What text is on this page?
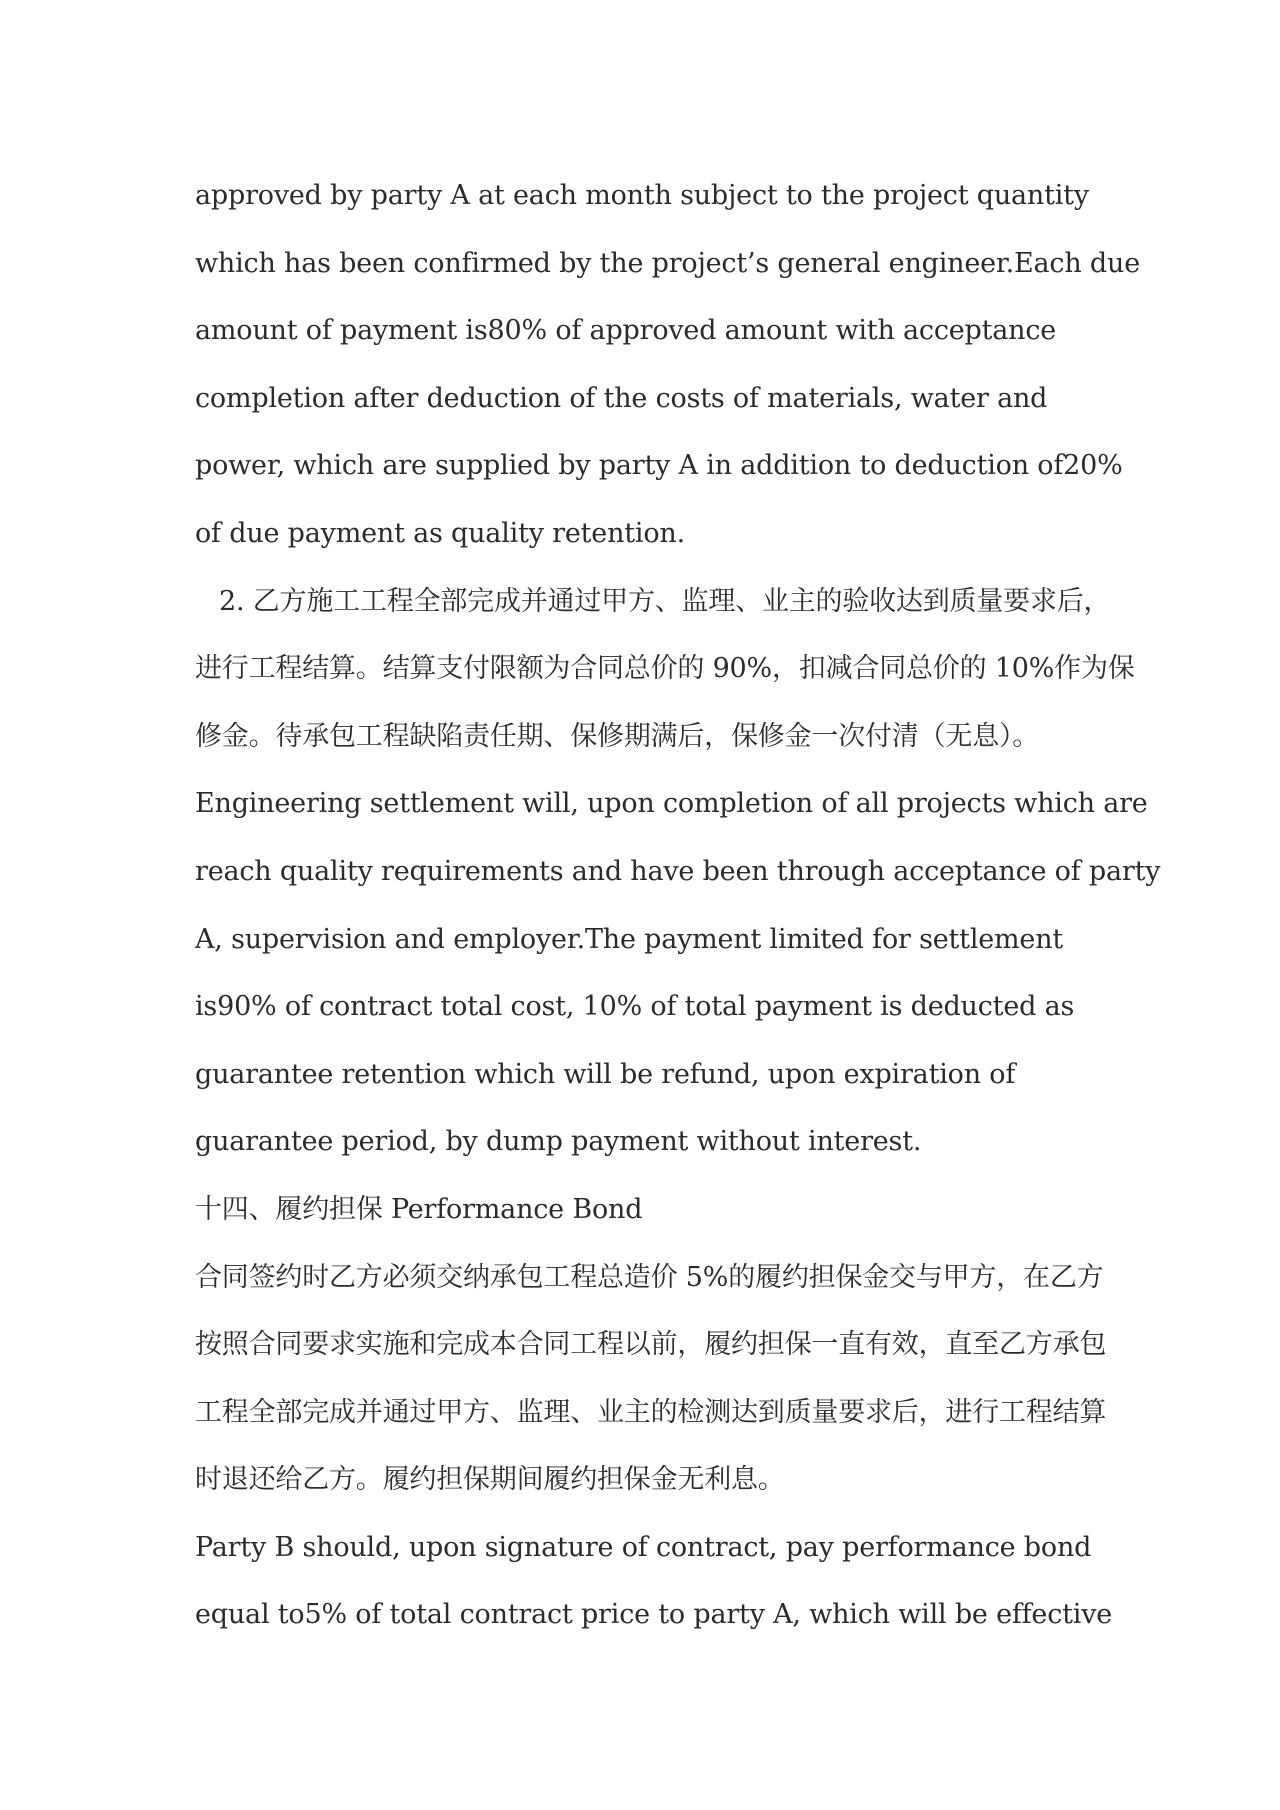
approved by party A at each month subject to the project quantity
which has been confirmed by the project’s general engineer.Each due
amount of payment is80% of approved amount with acceptance
completion after deduction of the costs of materials, water and
power, which are supplied by party A in addition to deduction of20%
of due payment as quality retention.
2. 乙方施工工程全部完成并通过甲方、监理、业主的验收达到质量要求后，
进行工程结算。结算支付限额为合同总价的 90%，扣减合同总价的 10%作为保
修金。待承包工程缺陷责任期、保修期满后，保修金一次付清（无息）。
Engineering settlement will, upon completion of all projects which are
reach quality requirements and have been through acceptance of party
A, supervision and employer.The payment limited for settlement
is90% of contract total cost, 10% of total payment is deducted as
guarantee retention which will be refund, upon expiration of
guarantee period, by dump payment without interest.
十四、履约担保 Performance Bond
合同签约时乙方必须交纳承包工程总造价 5%的履约担保金交与甲方，在乙方
按照合同要求实施和完成本合同工程以前，履约担保一直有效，直至乙方承包
工程全部完成并通过甲方、监理、业主的检测达到质量要求后，进行工程结算
时退还给乙方。履约担保期间履约担保金无利息。
Party B should, upon signature of contract, pay performance bond
equal to5% of total contract price to party A, which will be effective
